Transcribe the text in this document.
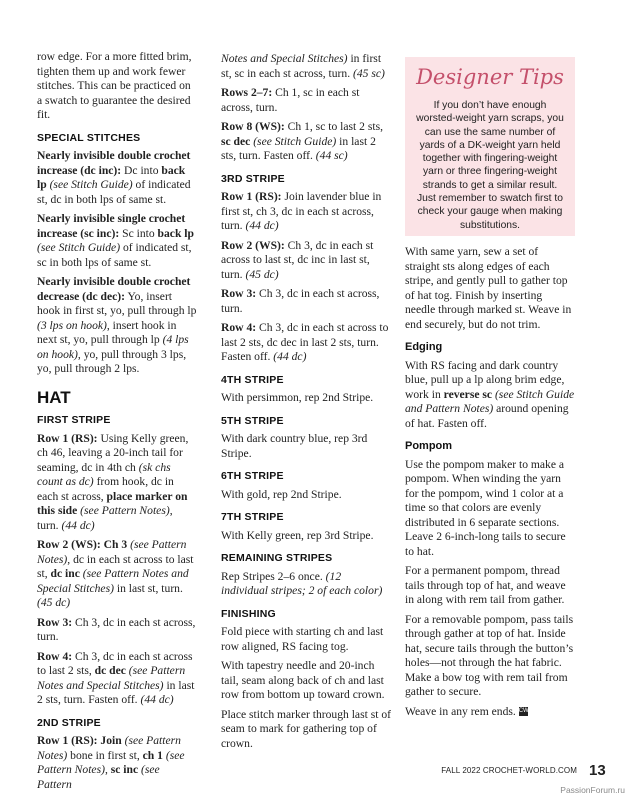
row edge. For a more fitted brim, tighten them up and work fewer stitches. This can be practiced on a swatch to guarantee the desired fit.

SPECIAL STITCHES

Nearly invisible double crochet increase (dc inc): Dc into back lp (see Stitch Guide) of indicated st, dc in both lps of same st.

Nearly invisible single crochet increase (sc inc): Sc into back lp (see Stitch Guide) of indicated st, sc in both lps of same st.

Nearly invisible double crochet decrease (dc dec): Yo, insert hook in first st, yo, pull through lp (3 lps on hook), insert hook in next st, yo, pull through lp (4 lps on hook), yo, pull through 3 lps, yo, pull through 2 lps.

HAT
FIRST STRIPE

Row 1 (RS): Using Kelly green, ch 46, leaving a 20-inch tail for seaming, dc in 4th ch (sk chs count as dc) from hook, dc in each st across, place marker on this side (see Pattern Notes), turn. (44 dc)

Row 2 (WS): Ch 3 (see Pattern Notes), dc in each st across to last st, dc inc (see Pattern Notes and Special Stitches) in last st, turn. (45 dc)

Row 3: Ch 3, dc in each st across, turn.

Row 4: Ch 3, dc in each st across to last 2 sts, dc dec (see Pattern Notes and Special Stitches) in last 2 sts, turn. Fasten off. (44 dc)

2ND STRIPE

Row 1 (RS): Join (see Pattern Notes) bone in first st, ch 1 (see Pattern Notes), sc inc (see Pattern

Notes and Special Stitches) in first st, sc in each st across, turn. (45 sc)

Rows 2–7: Ch 1, sc in each st across, turn.

Row 8 (WS): Ch 1, sc to last 2 sts, sc dec (see Stitch Guide) in last 2 sts, turn. Fasten off. (44 sc)

3RD STRIPE

Row 1 (RS): Join lavender blue in first st, ch 3, dc in each st across, turn. (44 dc)

Row 2 (WS): Ch 3, dc in each st across to last st, dc inc in last st, turn. (45 dc)

Row 3: Ch 3, dc in each st across, turn.

Row 4: Ch 3, dc in each st across to last 2 sts, dc dec in last 2 sts, turn. Fasten off. (44 dc)

4TH STRIPE

With persimmon, rep 2nd Stripe.

5TH STRIPE

With dark country blue, rep 3rd Stripe.

6TH STRIPE

With gold, rep 2nd Stripe.

7TH STRIPE

With Kelly green, rep 3rd Stripe.

REMAINING STRIPES

Rep Stripes 2–6 once. (12 individual stripes; 2 of each color)

FINISHING

Fold piece with starting ch and last row aligned, RS facing tog.

With tapestry needle and 20-inch tail, seam along back of ch and last row from bottom up toward crown.

Place stitch marker through last st of seam to mark for gathering top of crown.

Designer Tips
If you don’t have enough worsted-weight yarn scraps, you can use the same number of yards of a DK-weight yarn held together with fingering-weight yarn or three fingering-weight strands to get a similar result. Just remember to swatch first to check your gauge when making substitutions.

With same yarn, sew a set of straight sts along edges of each stripe, and gently pull to gather top of hat tog. Finish by inserting needle through marked st. Weave in end securely, but do not trim.

Edging

With RS facing and dark country blue, pull up a lp along brim edge, work in reverse sc (see Stitch Guide and Pattern Notes) around opening of hat. Fasten off.

Pompom

Use the pompom maker to make a pompom. When winding the yarn for the pompom, wind 1 color at a time so that colors are evenly distributed in 6 separate sections. Leave 2 6-inch-long tails to secure to hat.

For a permanent pompom, thread tails through top of hat, and weave in along with rem tail from gather.

For a removable pompom, pass tails through gather at top of hat. Inside hat, secure tails through the button’s holes—not through the hat fabric. Make a bow tog with rem tail from gather to secure.

Weave in any rem ends. CW

FALL 2022 CROCHET-WORLD.COM 13
PassionForum.ru
